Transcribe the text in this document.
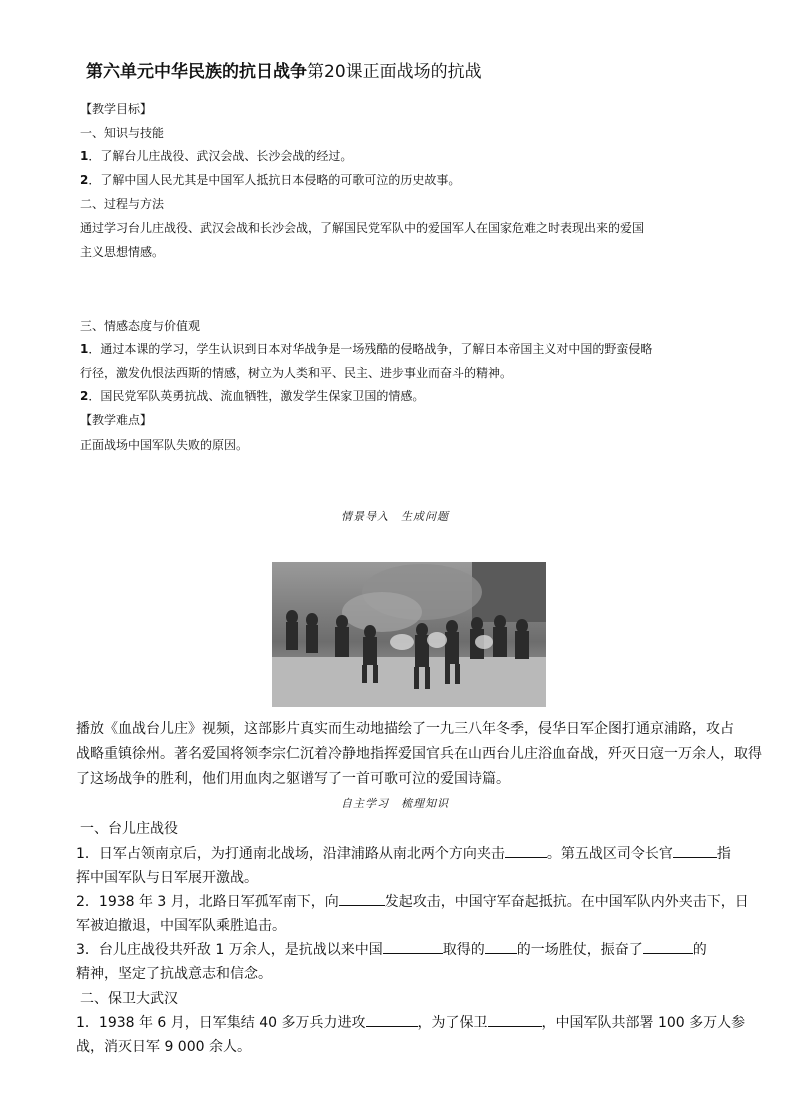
第六单元中华民族的抗日战争第20课正面战场的抗战
【教学目标】
一、知识与技能
1．了解台儿庄战役、武汉会战、长沙会战的经过。
2．了解中国人民尤其是中国军人抵抗日本侵略的可歌可泣的历史故事。
二、过程与方法
通过学习台儿庄战役、武汉会战和长沙会战，了解国民党军队中的爱国军人在国家危难之时表现出来的爱国
主义思想情感。
三、情感态度与价值观
1．通过本课的学习，学生认识到日本对华战争是一场残酷的侵略战争，了解日本帝国主义对中国的野蛮侵略
行径，激发仇恨法西斯的情感，树立为人类和平、民主、进步事业而奋斗的精神。
2．国民党军队英勇抗战、流血牺牲，激发学生保家卫国的情感。
【教学难点】
正面战场中国军队失败的原因。
情景导入　生成问题
播放《血战台儿庄》视频，这部影片真实而生动地描绘了一九三八年冬季，侵华日军企图打通京浦路，攻占
战略重镇徐州。著名爱国将领李宗仁沉着冷静地指挥爱国官兵在山西台儿庄浴血奋战，歼灭日寇一万余人，取得
了这场战争的胜利，他们用血肉之躯谱写了一首可歌可泣的爱国诗篇。
自主学习　梳理知识
一、台儿庄战役
1．日军占领南京后，为打通南北战场，沿津浦路从南北两个方向夹击	。第五战区司令长官	指
挥中国军队与日军展开激战。
2．1938 年 3 月，北路日军孤军南下，向	发起攻击，中国守军奋起抵抗。在中国军队内外夹击下，日
军被迫撤退，中国军队乘胜追击。
3．台儿庄战役共歼敌 1 万余人，是抗战以来中国	取得的 的一场胜仗，振奋了	的
精神，坚定了抗战意志和信念。
二、保卫大武汉
1．1938 年 6 月，日军集结 40 多万兵力进攻	，为了保卫	，中国军队共部署 100 多万人参
战，消灭日军 9 000 余人。
